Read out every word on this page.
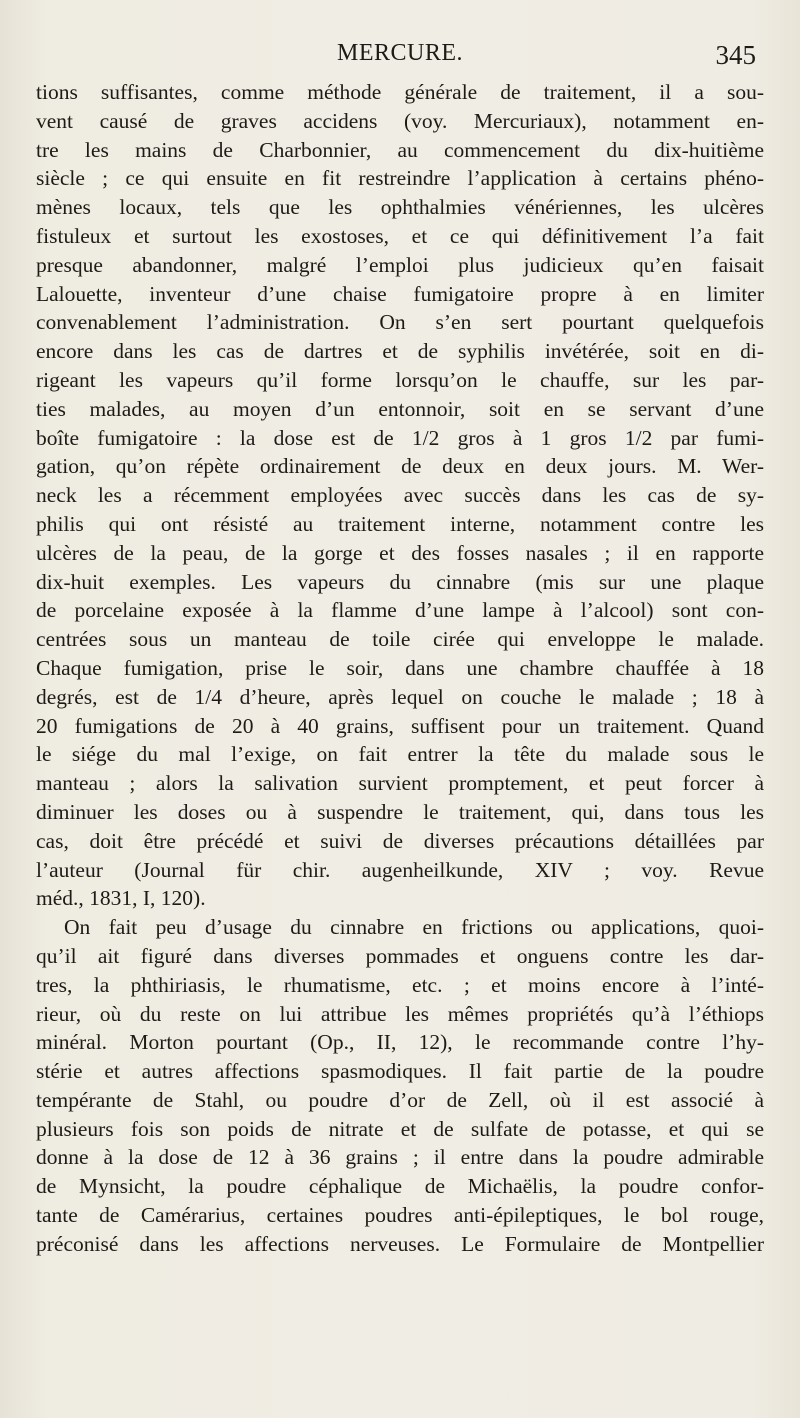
MERCURE.	345
tions suffisantes, comme méthode générale de traitement, il a sou-
vent causé de graves accidens (voy. Mercuriaux), notamment en-
tre les mains de Charbonnier, au commencement du dix-huitième
siècle ; ce qui ensuite en fit restreindre l’application à certains phéno-
mènes locaux, tels que les ophthalmies vénériennes, les ulcères
fistuleux et surtout les exostoses, et ce qui définitivement l’a fait
presque abandonner, malgré l’emploi plus judicieux qu’en faisait
Lalouette, inventeur d’une chaise fumigatoire propre à en limiter
convenablement l’administration. On s’en sert pourtant quelquefois
encore dans les cas de dartres et de syphilis invétérée, soit en di-
rigeant les vapeurs qu’il forme lorsqu’on le chauffe, sur les par-
ties malades, au moyen d’un entonnoir, soit en se servant d’une
boîte fumigatoire : la dose est de 1/2 gros à 1 gros 1/2 par fumi-
gation, qu’on répète ordinairement de deux en deux jours. M. Wer-
neck les a récemment employées avec succès dans les cas de sy-
philis qui ont résisté au traitement interne, notamment contre les
ulcères de la peau, de la gorge et des fosses nasales ; il en rapporte
dix-huit exemples. Les vapeurs du cinnabre (mis sur une plaque
de porcelaine exposée à la flamme d’une lampe à l’alcool) sont con-
centrées sous un manteau de toile cirée qui enveloppe le malade.
Chaque fumigation, prise le soir, dans une chambre chauffée à 18
degrés, est de 1/4 d’heure, après lequel on couche le malade ; 18 à
20 fumigations de 20 à 40 grains, suffisent pour un traitement. Quand
le siége du mal l’exige, on fait entrer la tête du malade sous le
manteau ; alors la salivation survient promptement, et peut forcer à
diminuer les doses ou à suspendre le traitement, qui, dans tous les
cas, doit être précédé et suivi de diverses précautions détaillées par
l’auteur (Journal für chir. augenheilkunde, XIV ; voy. Revue
méd., 1831, I, 120).
On fait peu d’usage du cinnabre en frictions ou applications, quoi-
qu’il ait figuré dans diverses pommades et onguens contre les dar-
tres, la phthiriasis, le rhumatisme, etc. ; et moins encore à l’inté-
rieur, où du reste on lui attribue les mêmes propriétés qu’à l’éthiops
minéral. Morton pourtant (Op., II, 12), le recommande contre l’hy-
stérie et autres affections spasmodiques. Il fait partie de la poudre
tempérante de Stahl, ou poudre d’or de Zell, où il est associé à
plusieurs fois son poids de nitrate et de sulfate de potasse, et qui se
donne à la dose de 12 à 36 grains ; il entre dans la poudre admirable
de Mynsicht, la poudre céphalique de Michaëlis, la poudre confor-
tante de Camérarius, certaines poudres anti-épileptiques, le bol rouge,
préconisé dans les affections nerveuses. Le Formulaire de Montpellier
